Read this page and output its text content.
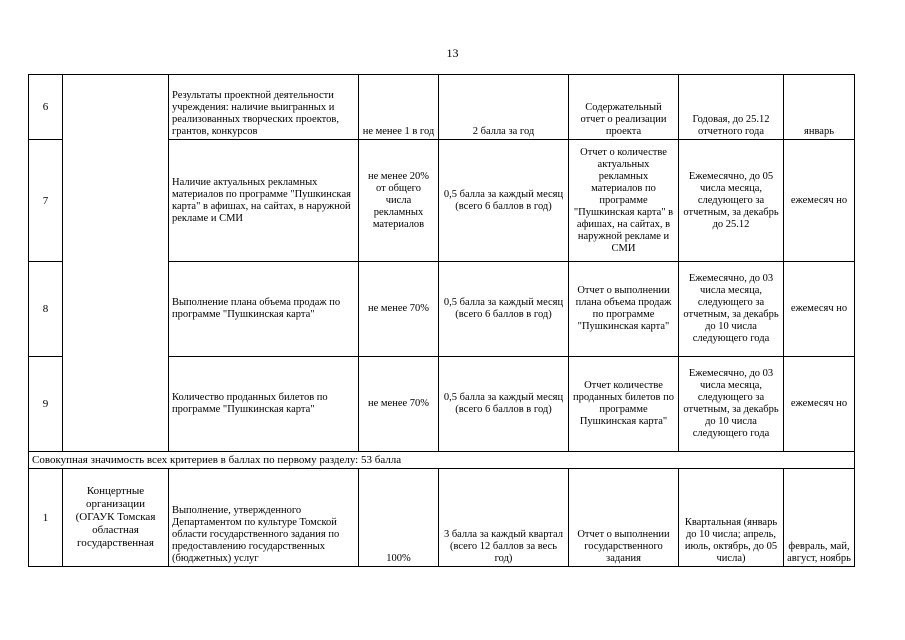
13
6		Результаты проектной деятельности учреждения: наличие выигранных и реализованных творческих проектов, грантов, конкурсов	не менее 1 в год	2 балла за год	Содержательный отчет о реализации проекта	Годовая, до 25.12 отчетного года	январь
7		Наличие актуальных рекламных материалов по программе "Пушкинская карта" в афишах, на сайтах, в наружной рекламе и СМИ	не менее 20% от общего числа рекламных материалов	0,5 балла за каждый месяц (всего 6 баллов в год)	Отчет о количестве актуальных рекламных материалов по программе "Пушкинская карта" в афишах, на сайтах, в наружной рекламе и СМИ	Ежемесячно, до 05 числа месяца, следующего за отчетным, за декабрь до 25.12	ежемесяч но
8		Выполнение плана объема продаж по программе "Пушкинская карта"	не менее 70%	0,5 балла за каждый месяц (всего 6 баллов в год)	Отчет о выполнении плана объема продаж по программе "Пушкинская карта"	Ежемесячно, до 03 числа месяца, следующего за отчетным, за декабрь до 10 числа следующего года	ежемесяч но
9		Количество проданных билетов по программе "Пушкинская карта"	не менее 70%	0,5 балла за каждый месяц (всего 6 баллов в год)	Отчет количестве проданных билетов по программе Пушкинская карта"	Ежемесячно, до 03 числа месяца, следующего за отчетным, за декабрь до 10 числа следующего года	ежемесяч но
Совокупная значимость всех критериев в баллах по первому разделу: 53 балла							
1	Концертные организации (ОГАУК Томская областная государственная	Выполнение, утвержденного Департаментом по культуре Томской области государственного задания по предоставлению государственных (бюджетных) услуг	100%	3 балла за каждый квартал (всего 12 баллов за весь год)	Отчет о выполнении государственного задания	Квартальная (январь до 10 числа; апрель, июль, октябрь, до 05 числа)	февраль, май, август, ноябрь
